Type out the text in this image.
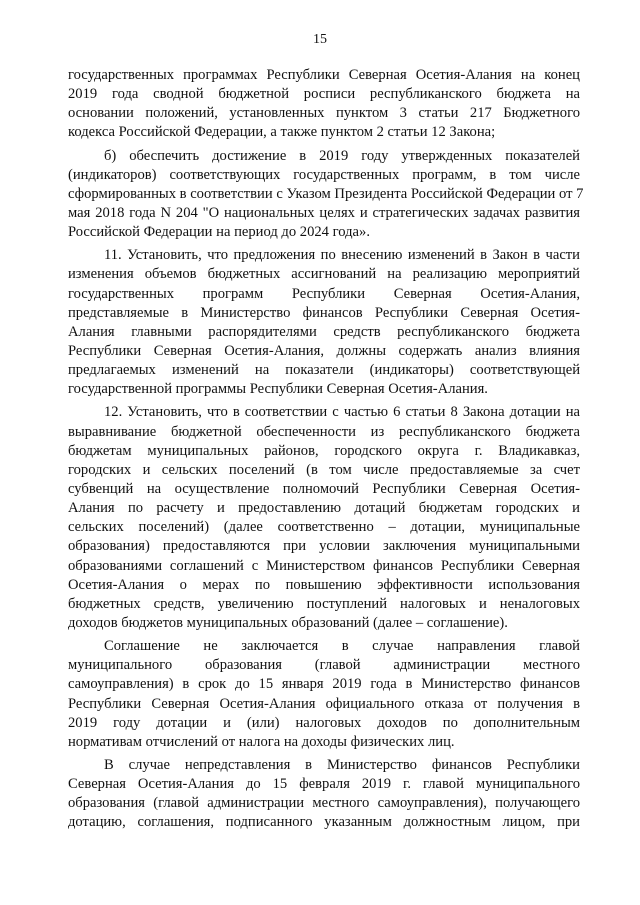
15
государственных программах Республики Северная Осетия-Алания на конец
2019 года сводной бюджетной росписи республиканского бюджета на
основании положений, установленных пунктом 3 статьи 217 Бюджетного
кодекса Российской Федерации, а также пунктом 2 статьи 12 Закона;
б) обеспечить достижение в 2019 году утвержденных показателей
(индикаторов) соответствующих государственных программ, в том числе
сформированных в соответствии с Указом Президента Российской Федерации от 7
мая 2018 года N 204 "О национальных целях и стратегических задачах развития
Российской Федерации на период до 2024 года».
11. Установить, что предложения по внесению изменений в Закон в части
изменения объемов бюджетных ассигнований на реализацию мероприятий
государственных программ Республики Северная Осетия-Алания,
представляемые в Министерство финансов Республики Северная Осетия-
Алания главными распорядителями средств республиканского бюджета
Республики Северная Осетия-Алания, должны содержать анализ влияния
предлагаемых изменений на показатели (индикаторы) соответствующей
государственной программы Республики Северная Осетия-Алания.
12. Установить, что в соответствии с частью 6 статьи 8 Закона дотации на
выравнивание бюджетной обеспеченности из республиканского бюджета
бюджетам муниципальных районов, городского округа г. Владикавказ,
городских и сельских поселений (в том числе предоставляемые за счет
субвенций на осуществление полномочий Республики Северная Осетия-
Алания по расчету и предоставлению дотаций бюджетам городских и
сельских поселений) (далее соответственно – дотации, муниципальные
образования) предоставляются при условии заключения муниципальными
образованиями соглашений с Министерством финансов Республики Северная
Осетия-Алания о мерах по повышению эффективности использования
бюджетных средств, увеличению поступлений налоговых и неналоговых
доходов бюджетов муниципальных образований (далее – соглашение).
Соглашение не заключается в случае направления главой
муниципального образования (главой администрации местного
самоуправления) в срок до 15 января 2019 года в Министерство финансов
Республики Северная Осетия-Алания официального отказа от получения в
2019 году дотации и (или) налоговых доходов по дополнительным
нормативам отчислений от налога на доходы физических лиц.
В случае непредставления в Министерство финансов Республики
Северная Осетия-Алания до 15 февраля 2019 г. главой муниципального
образования (главой администрации местного самоуправления), получающего
дотацию, соглашения, подписанного указанным должностным лицом, при
